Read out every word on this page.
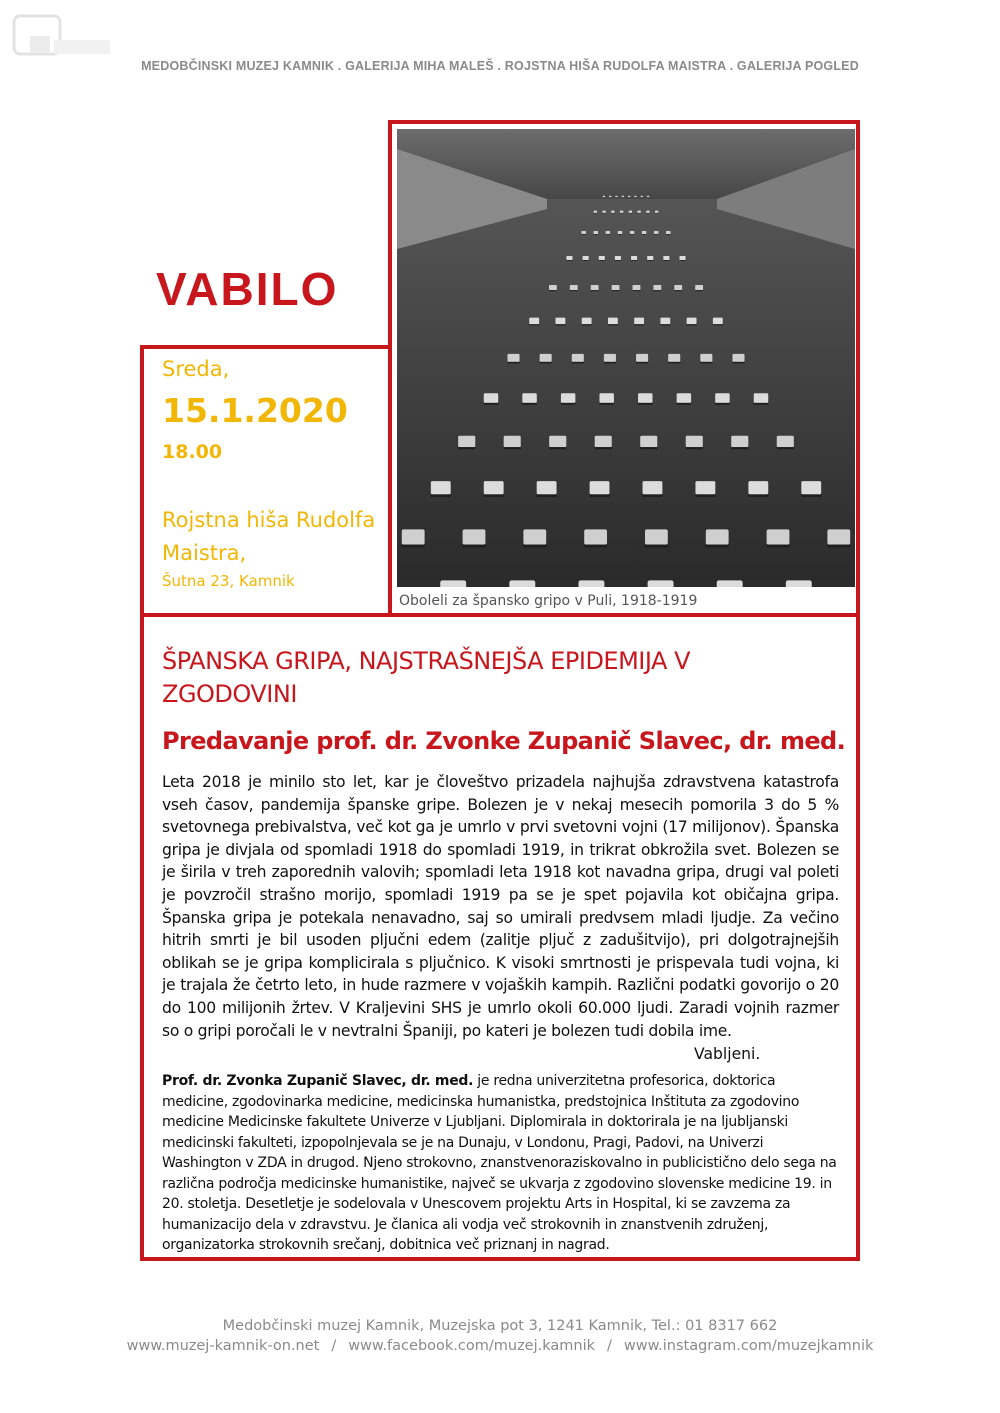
MEDOBČINSKI MUZEJ KAMNIK . GALERIJA MIHA MALEŠ . ROJSTNA HIŠA RUDOLFA MAISTRA . GALERIJA POGLED
VABILO
Oboleli za špansko gripo v Puli, 1918-1919

Sreda,

15.1.2020

18.00

Rojstna hiša Rudolfa Maistra,

Šutna 23, Kamnik

ŠPANSKA GRIPA, NAJSTRAŠNEJŠA EPIDEMIJA V ZGODOVINI
Predavanje prof. dr. Zvonke Zupanič Slavec, dr. med.

Leta 2018 je minilo sto let, kar je človeštvo prizadela najhujša zdravstvena katastrofa vseh časov, pandemija španske gripe. Bolezen je v nekaj mesecih pomorila 3 do 5 % svetovnega prebivalstva, več kot ga je umrlo v prvi svetovni vojni (17 milijonov). Španska gripa je divjala od spomladi 1918 do spomladi 1919, in trikrat obkrožila svet. Bolezen se je širila v treh zaporednih valovih; spomladi leta 1918 kot navadna gripa, drugi val poleti je povzročil strašno morijo, spomladi 1919 pa se je spet pojavila kot običajna gripa. Španska gripa je potekala nenavadno, saj so umirali predvsem mladi ljudje. Za večino hitrih smrti je bil usoden pljučni edem (zalitje pljuč z zadušitvijo), pri dolgotrajnejših oblikah se je gripa komplicirala s pljučnico. K visoki smrtnosti je prispevala tudi vojna, ki je trajala že četrto leto, in hude razmere v vojaških kampih. Različni podatki govorijo o 20 do 100 milijonih žrtev. V Kraljevini SHS je umrlo okoli 60.000 ljudi. Zaradi vojnih razmer so o gripi poročali le v nevtralni Španiji, po kateri je bolezen tudi dobila ime.

Vabljeni.

Prof. dr. Zvonka Zupanič Slavec, dr. med. je redna univerzitetna profesorica, doktorica medicine, zgodovinarka medicine, medicinska humanistka, predstojnica Inštituta za zgodovino medicine Medicinske fakultete Univerze v Ljubljani. Diplomirala in doktorirala je na ljubljanski medicinski fakulteti, izpopolnjevala se je na Dunaju, v Londonu, Pragi, Padovi, na Univerzi Washington v ZDA in drugod. Njeno strokovno, znanstvenoraziskovalno in publicistično delo sega na različna področja medicinske humanistike, največ se ukvarja z zgodovino slovenske medicine 19. in 20. stoletja. Desetletje je sodelovala v Unescovem projektu Arts in Hospital, ki se zavzema za humanizacijo dela v zdravstvu. Je članica ali vodja več strokovnih in znanstvenih združenj, organizatorka strokovnih srečanj, dobitnica več priznanj in nagrad.

Medobčinski muzej Kamnik, Muzejska pot 3, 1241 Kamnik, Tel.: 01 8317 662
www.muzej-kamnik-on.net / www.facebook.com/muzej.kamnik / www.instagram.com/muzejkamnik
